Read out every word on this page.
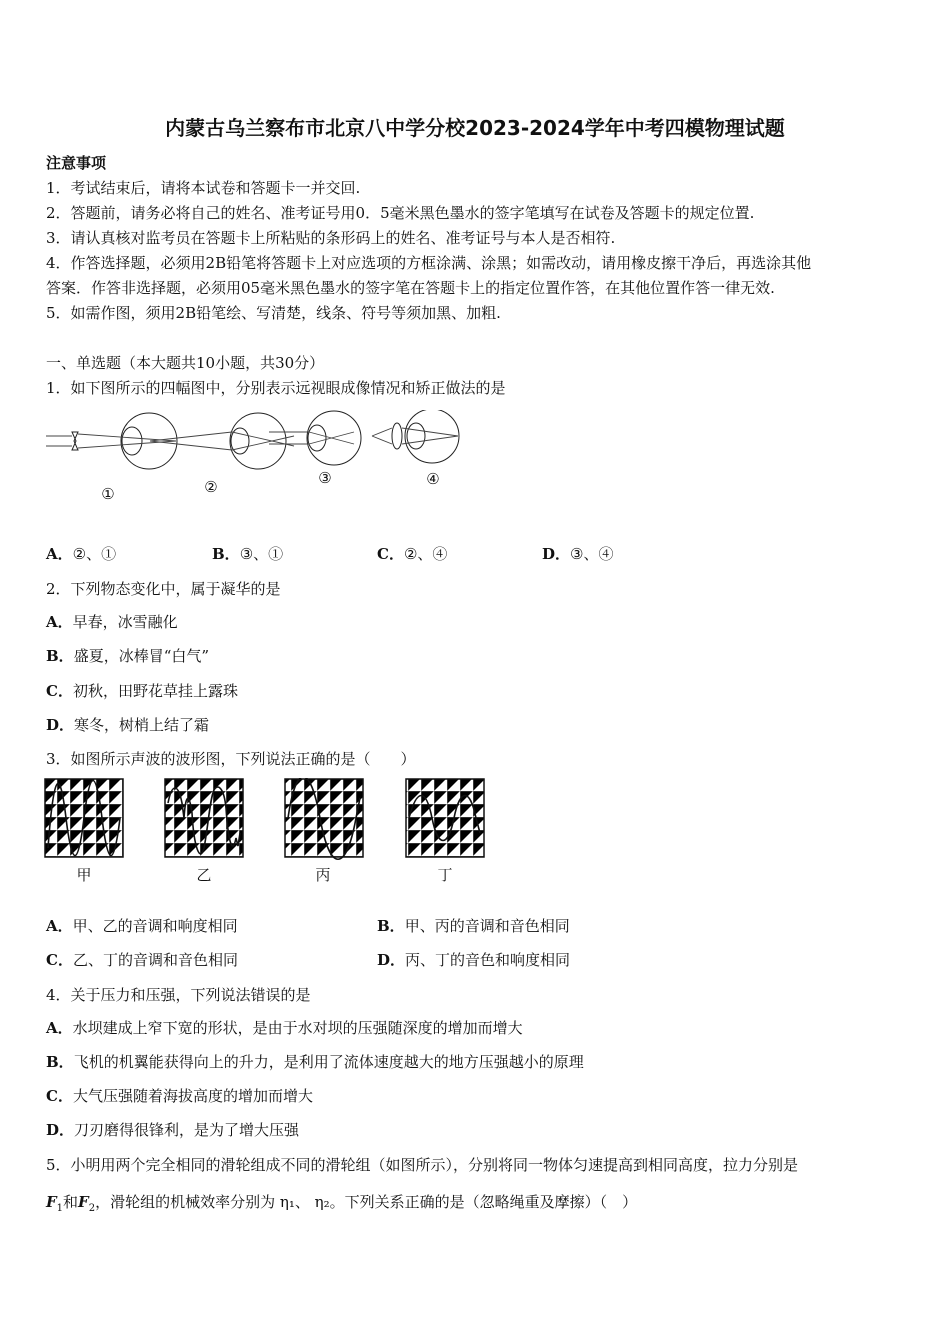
内蒙古乌兰察布市北京八中学分校2023-2024学年中考四模物理试题
注意事项
1．考试结束后，请将本试卷和答题卡一并交回.
2．答题前，请务必将自己的姓名、准考证号用0．5毫米黑色墨水的签字笔填写在试卷及答题卡的规定位置.
3．请认真核对监考员在答题卡上所粘贴的条形码上的姓名、准考证号与本人是否相符.
4．作答选择题，必须用2B铅笔将答题卡上对应选项的方框涂满、涂黑；如需改动，请用橡皮擦干净后，再选涂其他
答案．作答非选择题，必须用05毫米黑色墨水的签字笔在答题卡上的指定位置作答，在其他位置作答一律无效.
5．如需作图，须用2B铅笔绘、写清楚，线条、符号等须加黑、加粗.
一、单选题（本大题共10小题，共30分）
1．如下图所示的四幅图中，分别表示远视眼成像情况和矫正做法的是
①	②	③	④
A．②、①	B．③、①	C．②、④	D．③、④
2．下列物态变化中，属于凝华的是
A．早春，冰雪融化
B．盛夏，冰棒冒“白气”
C．初秋，田野花草挂上露珠
D．寒冬，树梢上结了霜
3．如图所示声波的波形图，下列说法正确的是（　　）
甲	乙	丙	丁
A．甲、乙的音调和响度相同	B．甲、丙的音调和音色相同
C．乙、丁的音调和音色相同	D．丙、丁的音色和响度相同
4．关于压力和压强，下列说法错误的是
A．水坝建成上窄下宽的形状，是由于水对坝的压强随深度的增加而增大
B．飞机的机翼能获得向上的升力，是利用了流体速度越大的地方压强越小的原理
C．大气压强随着海拔高度的增加而增大
D．刀刃磨得很锋利，是为了增大压强
5．小明用两个完全相同的滑轮组成不同的滑轮组（如图所示），分别将同一物体匀速提高到相同高度，拉力分别是
$F_1$和$F_2$，滑轮组的机械效率分别为 η₁、 η₂。下列关系正确的是（忽略绳重及摩擦）（　）
